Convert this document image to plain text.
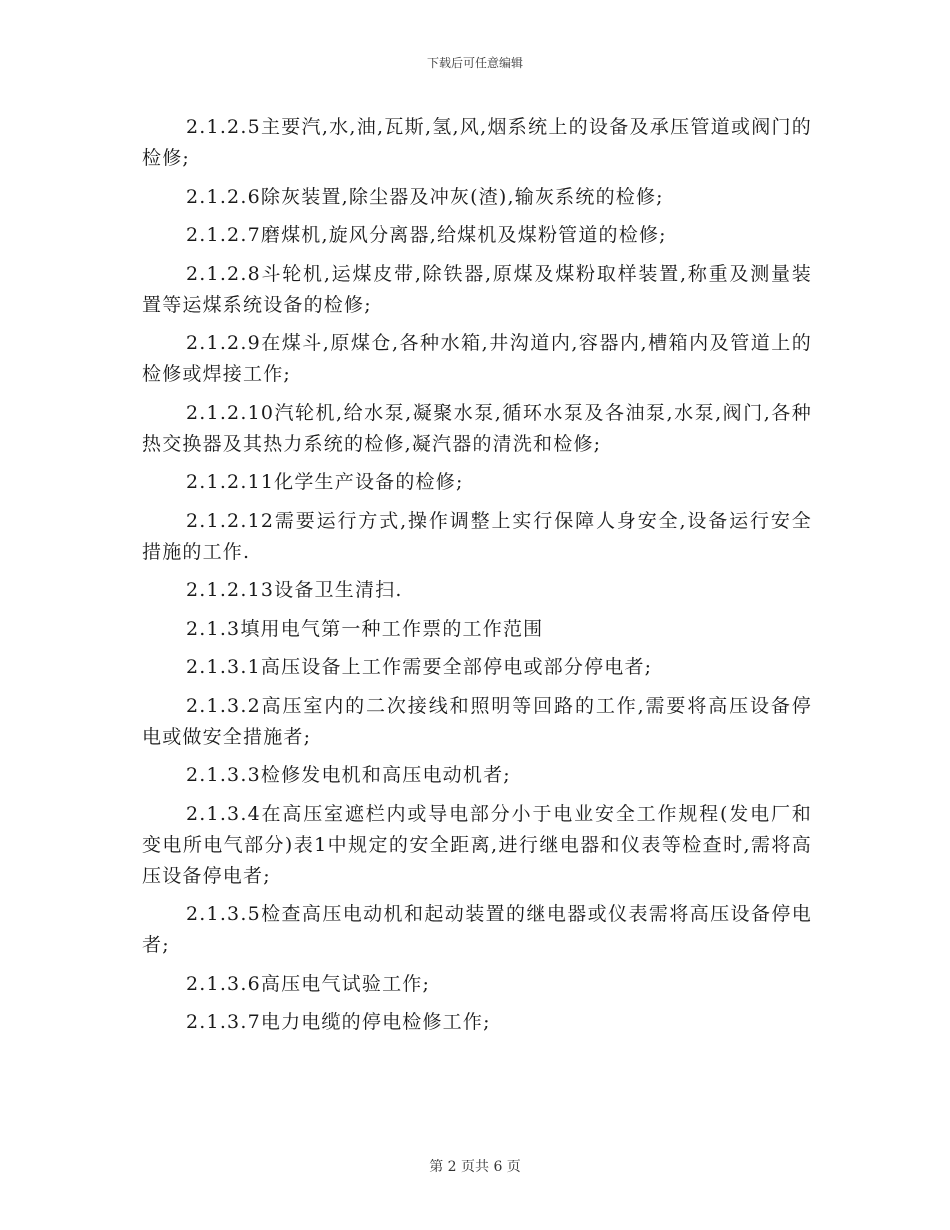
下载后可任意编辑

2.1.2.5主要汽,水,油,瓦斯,氢,风,烟系统上的设备及承压管道或阀门的检修;

2.1.2.6除灰装置,除尘器及冲灰(渣),输灰系统的检修;

2.1.2.7磨煤机,旋风分离器,给煤机及煤粉管道的检修;

2.1.2.8斗轮机,运煤皮带,除铁器,原煤及煤粉取样装置,称重及测量装置等运煤系统设备的检修;

2.1.2.9在煤斗,原煤仓,各种水箱,井沟道内,容器内,槽箱内及管道上的检修或焊接工作;

2.1.2.10汽轮机,给水泵,凝聚水泵,循环水泵及各油泵,水泵,阀门,各种热交换器及其热力系统的检修,凝汽器的清洗和检修;

2.1.2.11化学生产设备的检修;

2.1.2.12需要运行方式,操作调整上实行保障人身安全,设备运行安全措施的工作.

2.1.2.13设备卫生清扫.

2.1.3填用电气第一种工作票的工作范围

2.1.3.1高压设备上工作需要全部停电或部分停电者;

2.1.3.2高压室内的二次接线和照明等回路的工作,需要将高压设备停电或做安全措施者;

2.1.3.3检修发电机和高压电动机者;

2.1.3.4在高压室遮栏内或导电部分小于电业安全工作规程(发电厂和变电所电气部分)表1中规定的安全距离,进行继电器和仪表等检查时,需将高压设备停电者;

2.1.3.5检查高压电动机和起动装置的继电器或仪表需将高压设备停电者;

2.1.3.6高压电气试验工作;

2.1.3.7电力电缆的停电检修工作;

第 2 页共 6 页
